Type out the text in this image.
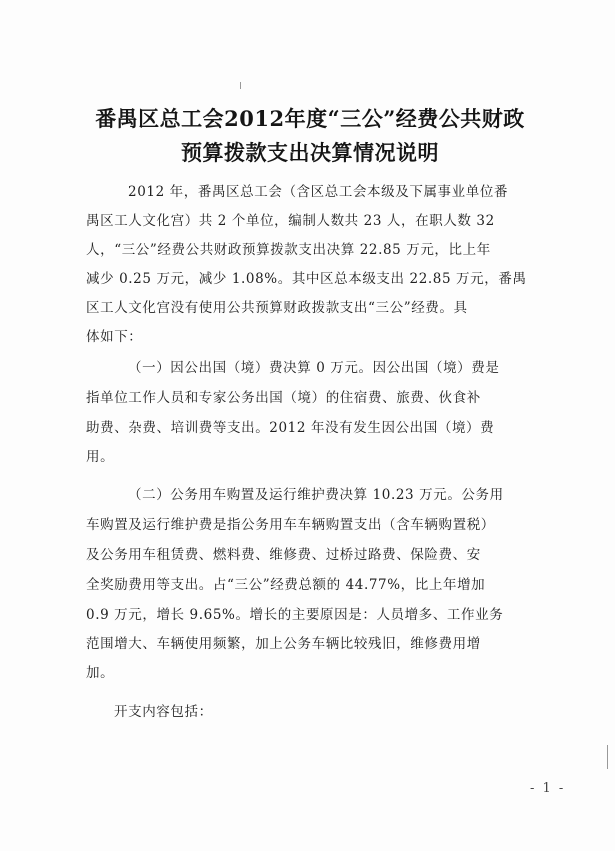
番禺区总工会2012年度“三公”经费公共财政
预算拨款支出决算情况说明
2012 年，番禺区总工会（含区总工会本级及下属事业单位番
禺区工人文化宫）共 2 个单位，编制人数共 23 人，在职人数 32
人，“三公”经费公共财政预算拨款支出决算 22.85 万元，比上年
减少 0.25 万元，减少 1.08%。其中区总本级支出 22.85 万元，番禺
区工人文化宫没有使用公共预算财政拨款支出“三公”经费。具
体如下：
（一）因公出国（境）费决算 0 万元。因公出国（境）费是
指单位工作人员和专家公务出国（境）的住宿费、旅费、伙食补
助费、杂费、培训费等支出。2012 年没有发生因公出国（境）费
用。
（二）公务用车购置及运行维护费决算 10.23 万元。公务用
车购置及运行维护费是指公务用车车辆购置支出（含车辆购置税）
及公务用车租赁费、燃料费、维修费、过桥过路费、保险费、安
全奖励费用等支出。占“三公”经费总额的 44.77%，比上年增加
0.9 万元，增长 9.65%。增长的主要原因是：人员增多、工作业务
范围增大、车辆使用频繁，加上公务车辆比较残旧，维修费用增
加。
开支内容包括：
- 1 -
